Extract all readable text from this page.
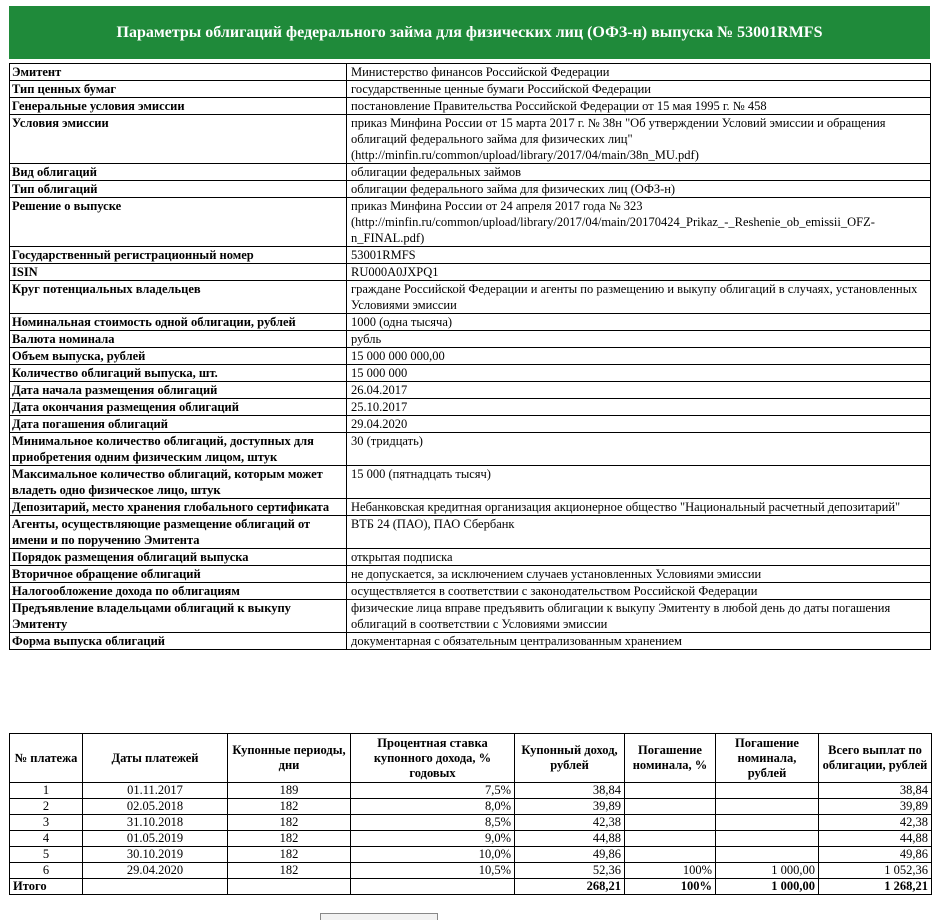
Параметры облигаций федерального займа для физических лиц (ОФЗ-н) выпуска № 53001RMFS
Эмитент	Министерство финансов Российской Федерации
Тип ценных бумаг	государственные ценные бумаги Российской Федерации
Генеральные условия эмиссии	постановление Правительства Российской Федерации от 15 мая 1995 г. № 458
Условия эмиссии	приказ Минфина России от 15 марта 2017 г. № 38н "Об утверждении Условий эмиссии и обращения облигаций федерального займа для физических лиц" (http://minfin.ru/common/upload/library/2017/04/main/38n_MU.pdf)
Вид облигаций	облигации федеральных займов
Тип облигаций	облигации федерального займа для физических лиц (ОФЗ-н)
Решение о выпуске	приказ Минфина России от 24 апреля 2017 года № 323 (http://minfin.ru/common/upload/library/2017/04/main/20170424_Prikaz_-_Reshenie_ob_emissii_OFZ-n_FINAL.pdf)
Государственный регистрационный номер	53001RMFS
ISIN	RU000A0JXPQ1
Круг потенциальных владельцев	граждане Российской Федерации и агенты по размещению и выкупу облигаций в случаях, установленных Условиями эмиссии
Номинальная стоимость одной облигации, рублей	1000 (одна тысяча)
Валюта номинала	рубль
Объем выпуска, рублей	15 000 000 000,00
Количество облигаций выпуска, шт.	15 000 000
Дата начала размещения облигаций	26.04.2017
Дата окончания размещения облигаций	25.10.2017
Дата погашения облигаций	29.04.2020
Минимальное количество облигаций, доступных для приобретения одним физическим лицом, штук	30 (тридцать)
Максимальное количество облигаций, которым может владеть одно физическое лицо, штук	15 000 (пятнадцать тысяч)
Депозитарий, место хранения глобального сертификата	Небанковская кредитная организация акционерное общество "Национальный расчетный депозитарий"
Агенты, осуществляющие размещение облигаций от имени и по поручению Эмитента	ВТБ 24 (ПАО), ПАО Сбербанк
Порядок размещения облигаций выпуска	открытая подписка
Вторичное обращение облигаций	не допускается, за исключением случаев установленных Условиями эмиссии
Налогообложение дохода по облигациям	осуществляется в соответствии с законодательством Российской Федерации
Предъявление владельцами облигаций к выкупу Эмитенту	физические лица вправе предъявить облигации к выкупу Эмитенту в любой день до даты погашения облигаций в соответствии с Условиями эмиссии
Форма выпуска облигаций	документарная с обязательным централизованным хранением
№ платежа	Даты платежей	Купонные периоды, дни	Процентная ставка купонного дохода, % годовых	Купонный доход, рублей	Погашение номинала, %	Погашение номинала, рублей	Всего выплат по облигации, рублей
1	01.11.2017	189	7,5%	38,84			38,84
2	02.05.2018	182	8,0%	39,89			39,89
3	31.10.2018	182	8,5%	42,38			42,38
4	01.05.2019	182	9,0%	44,88			44,88
5	30.10.2019	182	10,0%	49,86			49,86
6	29.04.2020	182	10,5%	52,36	100%	1 000,00	1 052,36
Итого				268,21	100%	1 000,00	1 268,21
